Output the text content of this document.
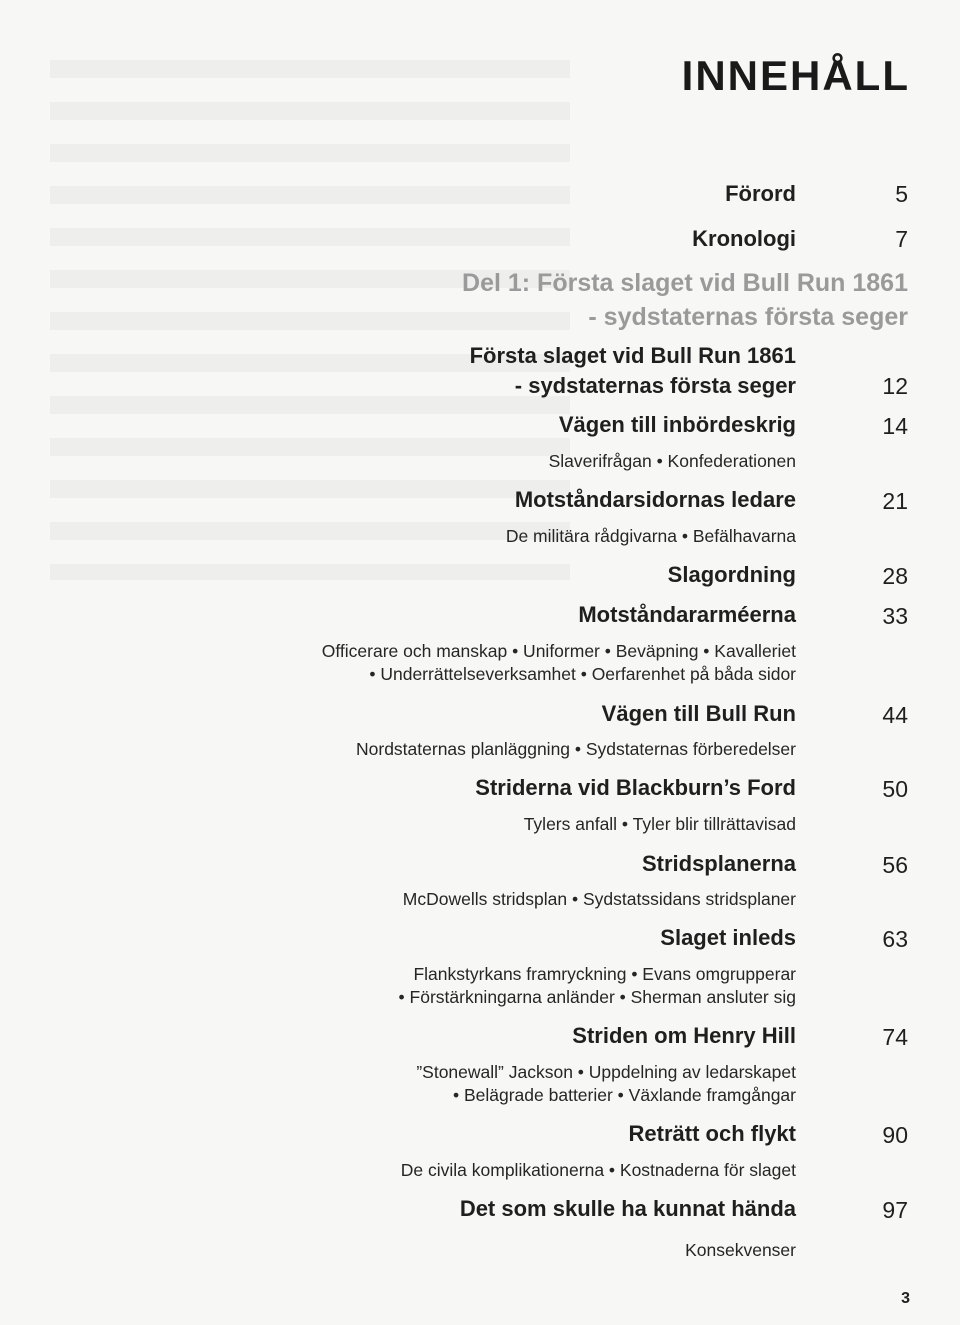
INNEHÅLL
Förord	5
Kronologi	7
Del 1: Första slaget vid Bull Run 1861
- sydstaternas första seger
Första slaget vid Bull Run 1861
- sydstaternas första seger	12
Vägen till inbördeskrig	14
Slaverifrågan • Konfederationen
Motståndarsidornas ledare	21
De militära rådgivarna • Befälhavarna
Slagordning	28
Motståndararméerna	33
Officerare och manskap • Uniformer • Beväpning • Kavalleriet
• Underrättelseverksamhet • Oerfarenhet på båda sidor
Vägen till Bull Run	44
Nordstaternas planläggning • Sydstaternas förberedelser
Striderna vid Blackburn’s Ford	50
Tylers anfall • Tyler blir tillrättavisad
Stridsplanerna	56
McDowells stridsplan • Sydstatssidans stridsplaner
Slaget inleds	63
Flankstyrkans framryckning • Evans omgrupperar
• Förstärkningarna anländer • Sherman ansluter sig
Striden om Henry Hill	74
”Stonewall” Jackson • Uppdelning av ledarskapet
• Belägrade batterier • Växlande framgångar
Reträtt och flykt	90
De civila komplikationerna • Kostnaderna för slaget
Det som skulle ha kunnat hända	97
Konsekvenser
3
